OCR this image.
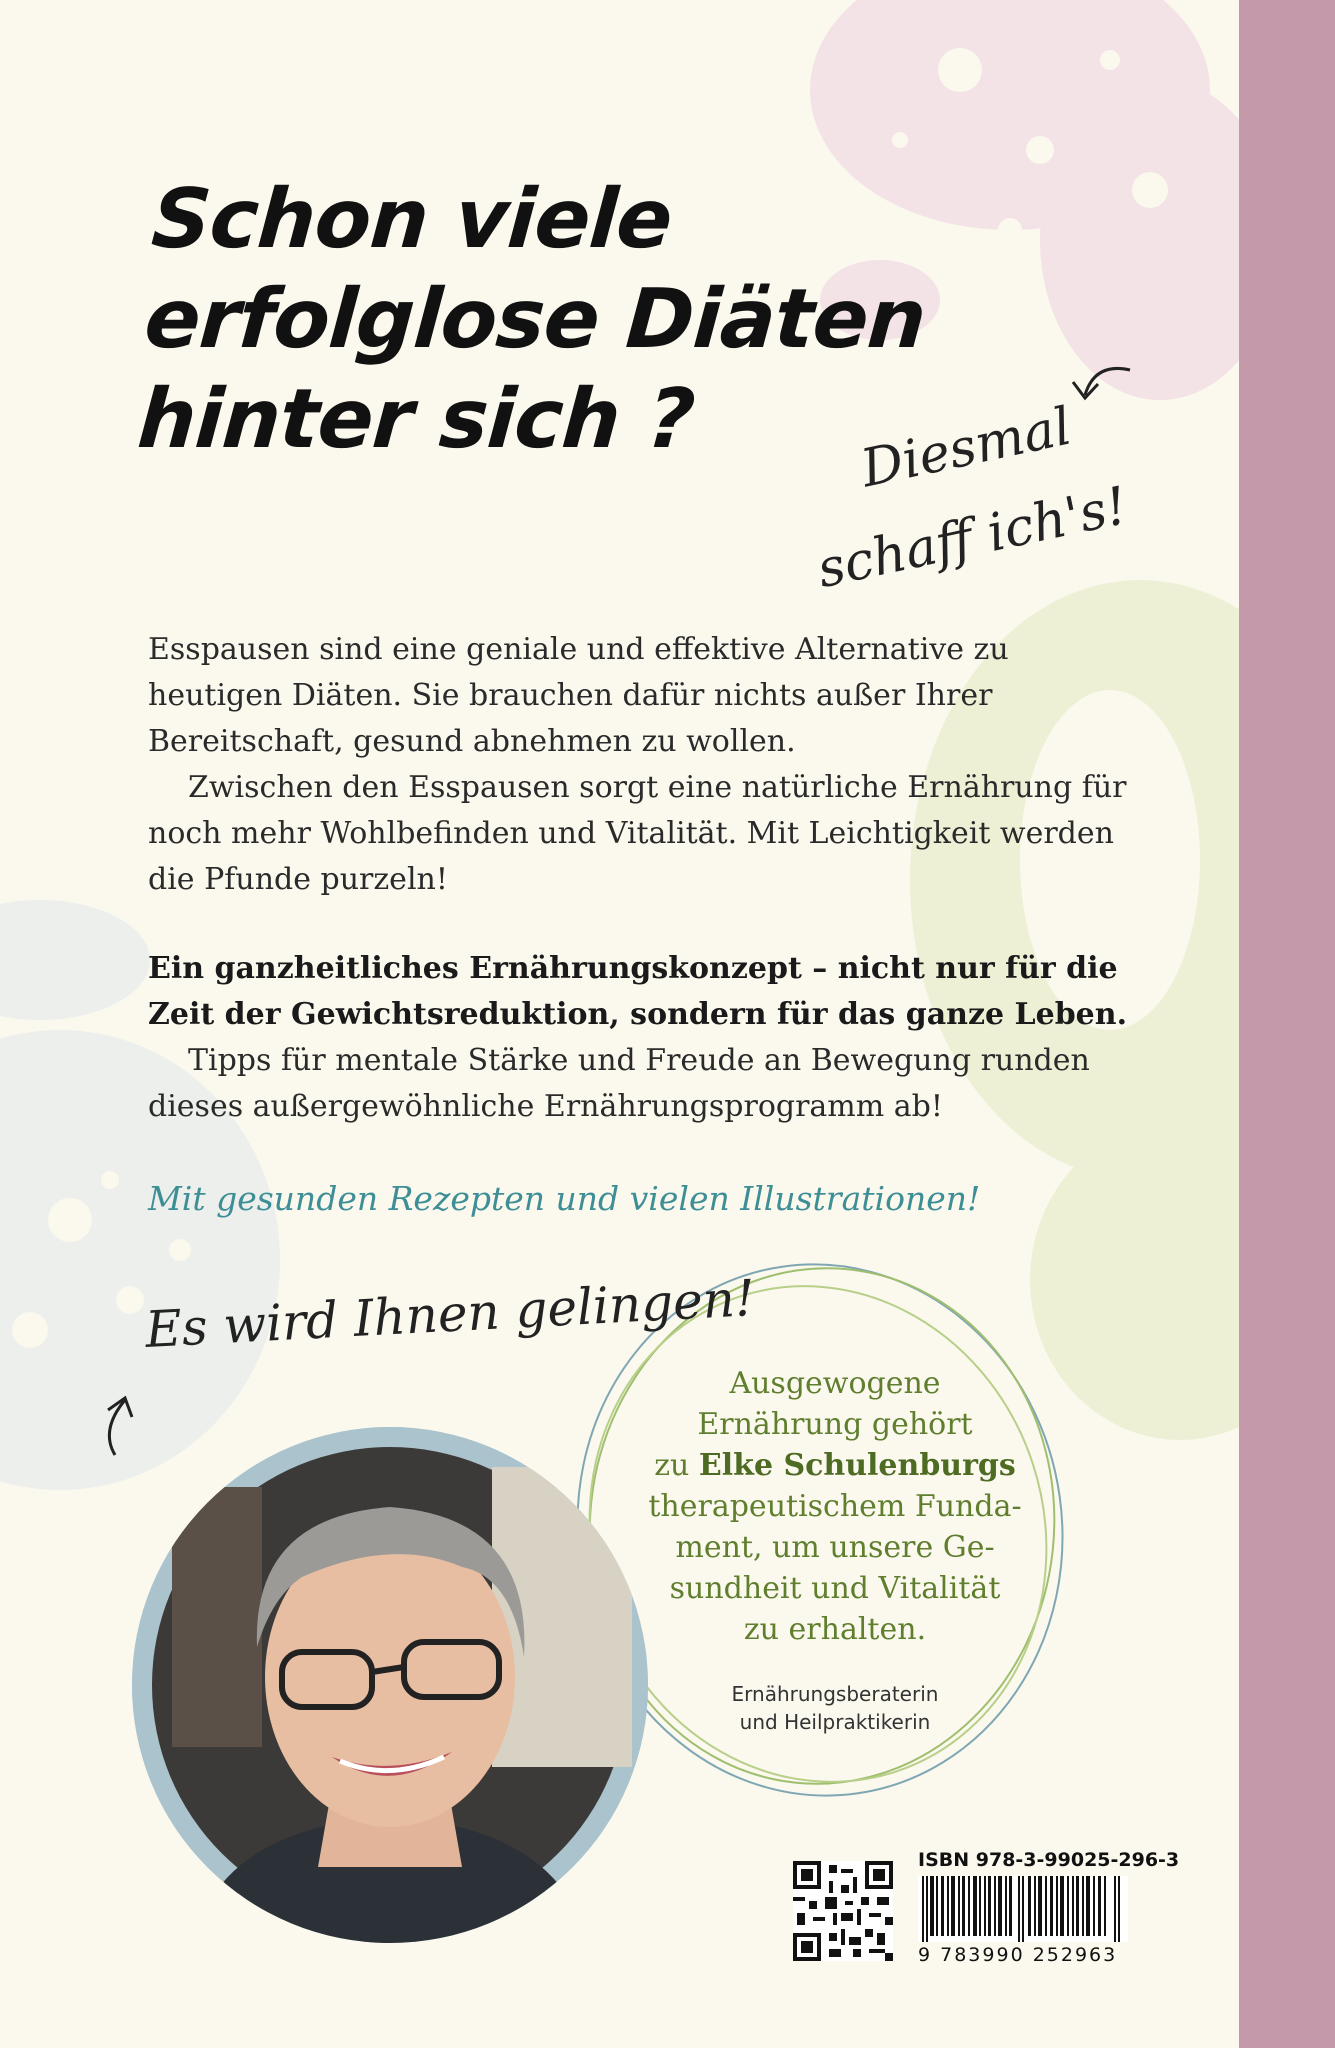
Schon viele
erfolglose Diäten
hinter sich ?	Diesmal
schaff ich's!

Esspausen sind eine geniale und effektive Alternative zu heutigen Diäten. Sie brauchen dafür nichts außer Ihrer Bereitschaft, gesund abnehmen zu wollen.

Zwischen den Esspausen sorgt eine natürliche Ernährung für noch mehr Wohlbefinden und Vitalität. Mit Leichtigkeit werden die Pfunde purzeln!

Ein ganzheitliches Ernährungskonzept – nicht nur für die Zeit der Gewichtsreduktion, sondern für das ganze Leben.

Tipps für mentale Stärke und Freude an Bewegung runden dieses außergewöhnliche Ernährungsprogramm ab!

Mit gesunden Rezepten und vielen Illustrationen!
Es wird Ihnen gelingen!
Ausgewogene
Ernährung gehört
zu Elke Schulenburgs
therapeutischem Funda-
ment, um unsere Ge-
sundheit und Vitalität
zu erhalten.
Ernährungsberaterin
und Heilpraktikerin
ISBN 978-3-99025-296-3
9 783990 252963
